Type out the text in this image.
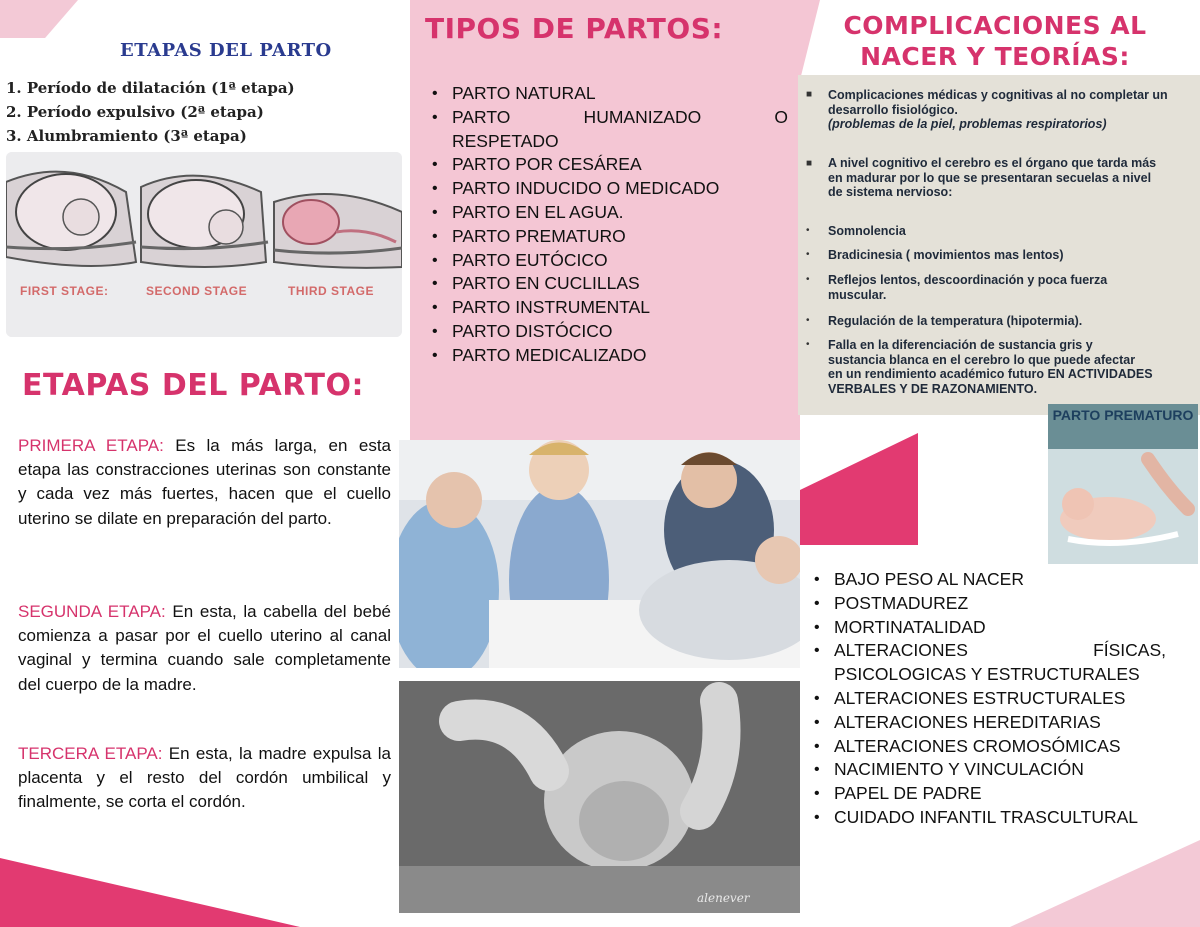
ETAPAS DEL PARTO
1. Período de dilatación (1ª etapa)
2. Período expulsivo (2ª etapa)
3. Alumbramiento (3ª etapa)
FIRST STAGE:	SECOND STAGE	THIRD STAGE
TIPOS DE PARTOS:
• PARTO NATURAL
• PARTO HUMANIZADO O RESPETADO
• PARTO POR CESÁREA
• PARTO INDUCIDO O MEDICADO
• PARTO EN EL AGUA.
• PARTO PREMATURO
• PARTO EUTÓCICO
• PARTO EN CUCLILLAS
• PARTO INSTRUMENTAL
• PARTO DISTÓCICO
• PARTO MEDICALIZADO
COMPLICACIONES AL NACER Y TEORÍAS:
■ Complicaciones médicas y cognitivas al no completar un desarrollo fisiológico.
(problemas de la piel, problemas respiratorios)
■ A nivel cognitivo el cerebro es el órgano que tarda más en madurar por lo que se presentaran secuelas a nivel de sistema nervioso:
• Somnolencia
• Bradicinesia ( movimientos mas lentos)
• Reflejos lentos, descoordinación y poca fuerza muscular.
• Regulación de la temperatura (hipotermia).
• Falla en la diferenciación de sustancia gris y sustancia blanca en el cerebro lo que puede afectar en un rendimiento académico futuro EN ACTIVIDADES VERBALES Y DE RAZONAMIENTO.
PARTO PREMATURO
ETAPAS DEL PARTO:
PRIMERA ETAPA: Es la más larga, en esta etapa las constracciones uterinas son constante y cada vez más fuertes, hacen que el cuello uterino se dilate en preparación del parto.
SEGUNDA ETAPA: En esta, la cabella del bebé comienza a pasar por el cuello uterino al canal vaginal y termina cuando sale completamente del cuerpo de la madre.
TERCERA ETAPA: En esta, la madre expulsa la placenta y el resto del cordón umbilical y finalmente, se corta el cordón.
alenever
• BAJO PESO AL NACER
• POSTMADUREZ
• MORTINATALIDAD
• ALTERACIONES FÍSICAS, PSICOLOGICAS Y ESTRUCTURALES
• ALTERACIONES ESTRUCTURALES
• ALTERACIONES HEREDITARIAS
• ALTERACIONES CROMOSÓMICAS
• NACIMIENTO Y VINCULACIÓN
• PAPEL DE PADRE
• CUIDADO INFANTIL TRASCULTURAL
